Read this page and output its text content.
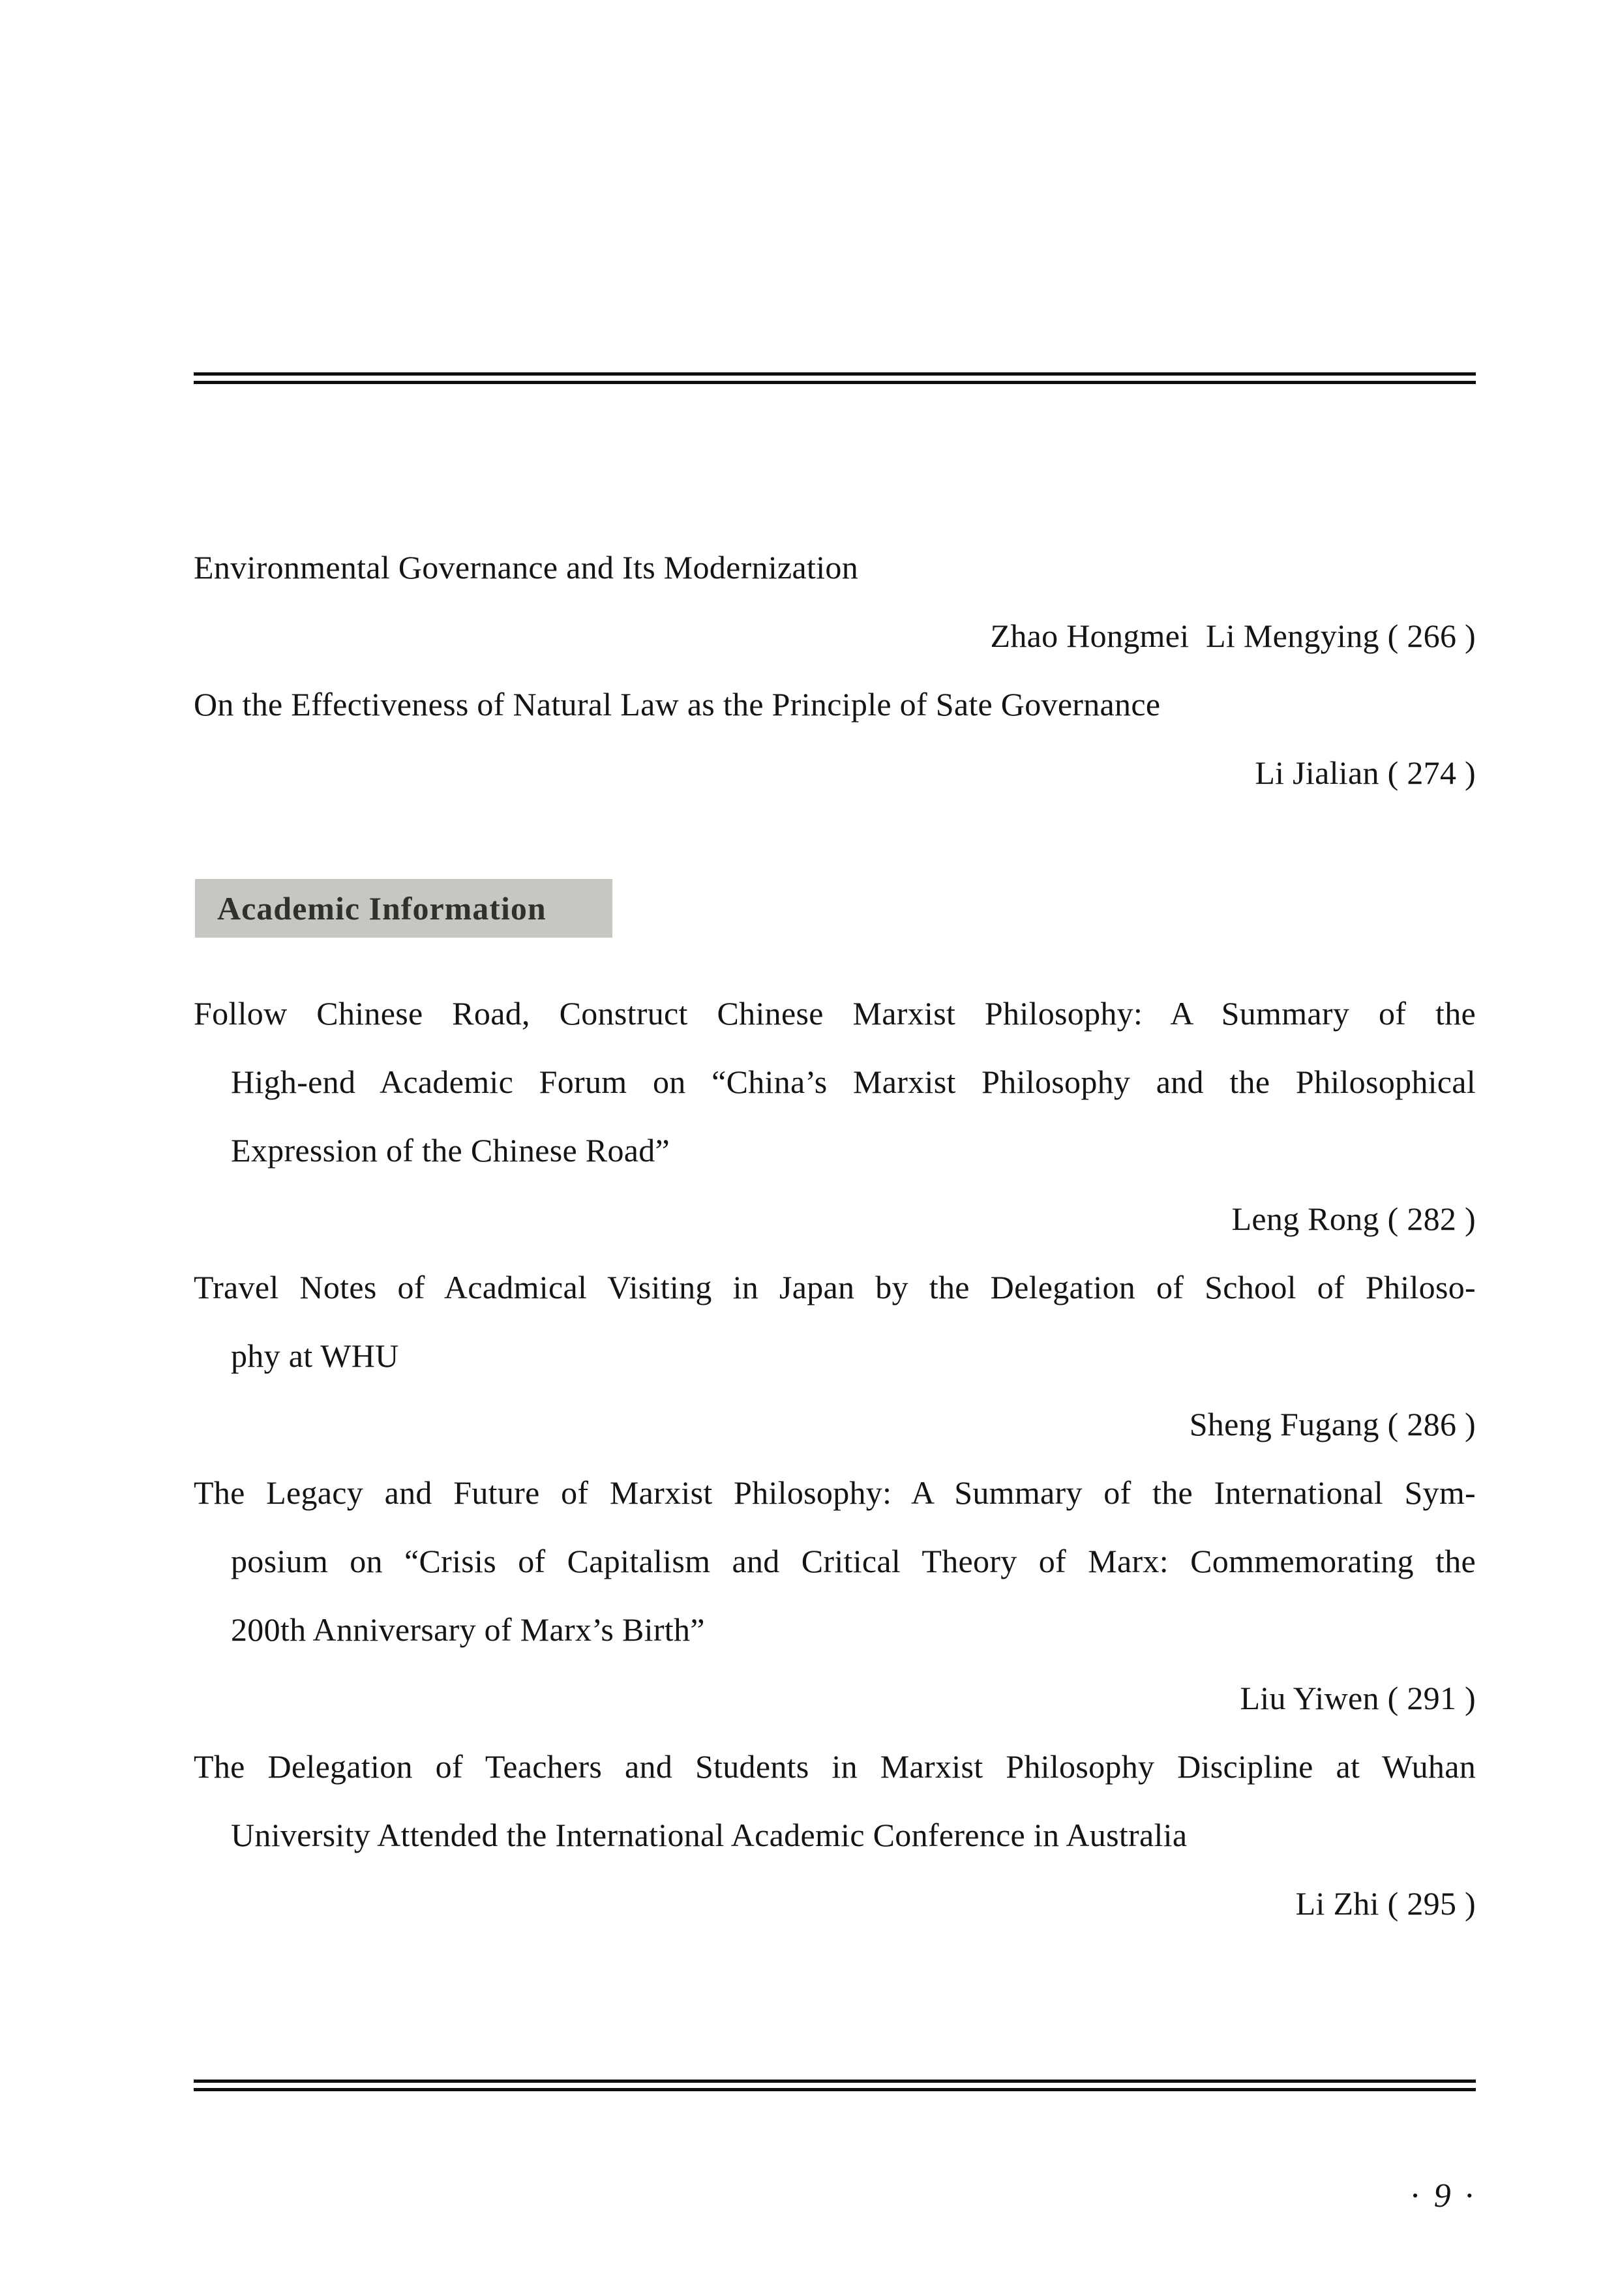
Environmental Governance and Its Modernization
Zhao Hongmei  Li Mengying ( 266 )
On the Effectiveness of Natural Law as the Principle of Sate Governance
Li Jialian ( 274 )
Follow Chinese Road, Construct Chinese Marxist Philosophy: A Summary of the
High-end Academic Forum on “China’s Marxist Philosophy and the Philosophical
Expression of the Chinese Road”
Leng Rong ( 282 )
Travel Notes of Acadmical Visiting in Japan by the Delegation of School of Philoso-
phy at WHU
Sheng Fugang ( 286 )
The Legacy and Future of Marxist Philosophy: A Summary of the International Sym-
posium on “Crisis of Capitalism and Critical Theory of Marx: Commemorating the
200th Anniversary of Marx’s Birth”
Liu Yiwen ( 291 )
The Delegation of Teachers and Students in Marxist Philosophy Discipline at Wuhan
University Attended the International Academic Conference in Australia
Li Zhi ( 295 )
Academic Information
· 9 ·
